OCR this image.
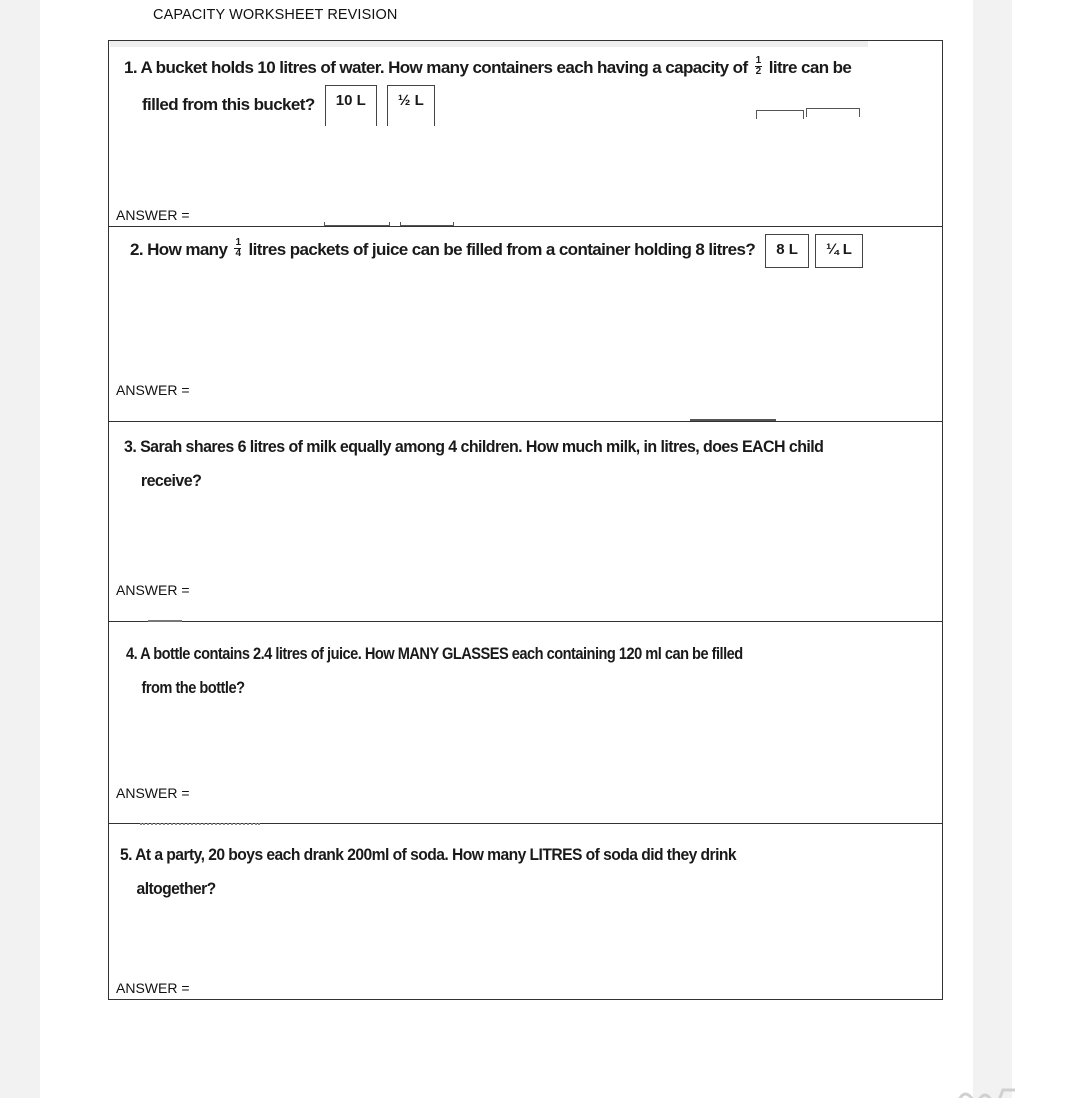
CAPACITY WORKSHEET REVISION
1. A bucket holds 10 litres of water. How many containers each having a capacity of $\frac{1}{2}$ litre can be
filled from this bucket? 10 L ½ L
ANSWER =
2. How many $\frac{1}{4}$ litres packets of juice can be filled from a container holding 8 litres? 8 L ¼ L
ANSWER =
3. Sarah shares 6 litres of milk equally among 4 children. How much milk, in litres, does EACH child
receive?
ANSWER =
4. A bottle contains 2.4 litres of juice. How MANY GLASSES each containing 120 ml can be filled
from the bottle?
ANSWER =
5. At a party, 20 boys each drank 200ml of soda. How many LITRES of soda did they drink
altogether?
ANSWER =
